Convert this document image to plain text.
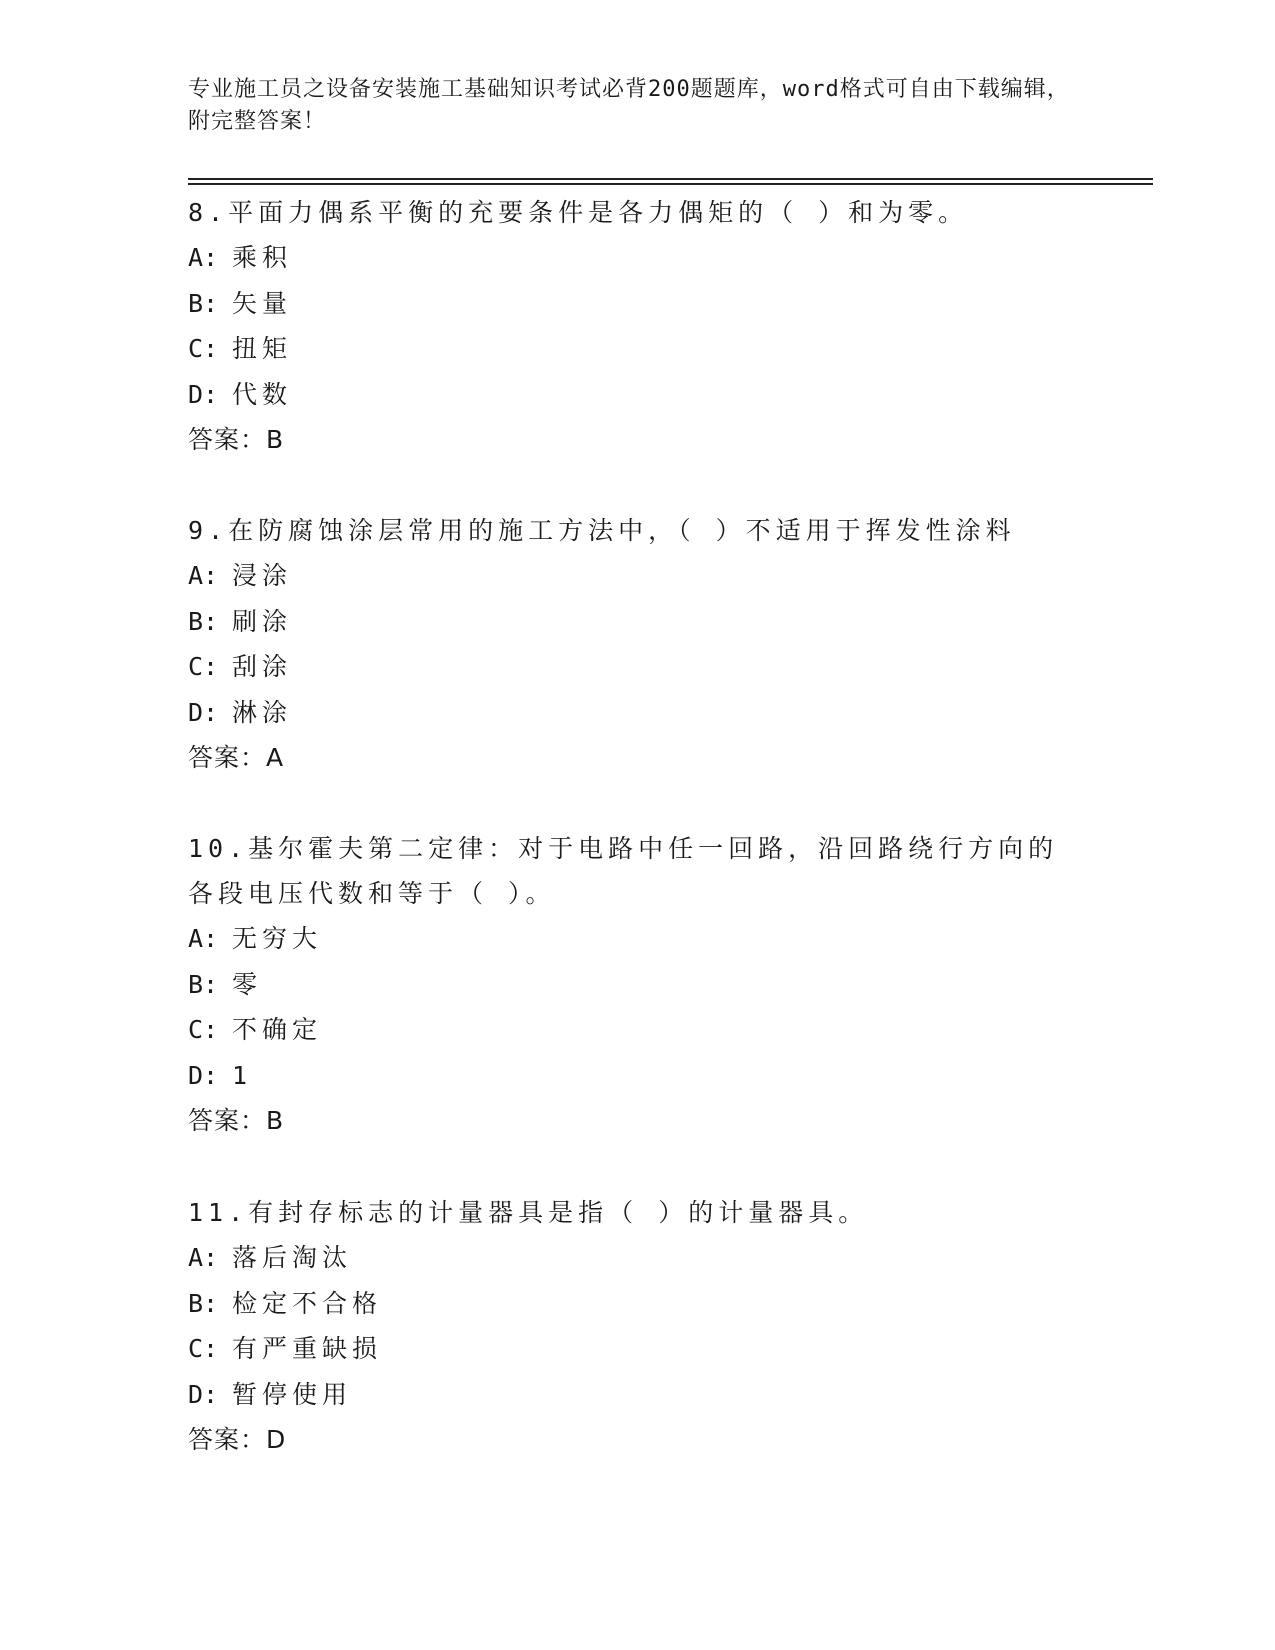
专业施工员之设备安装施工基础知识考试必背200题题库，word格式可自由下载编辑，附完整答案！

8.平面力偶系平衡的充要条件是各力偶矩的（ ）和为零。

A: 乘积

B: 矢量

C: 扭矩

D: 代数

答案：B

9.在防腐蚀涂层常用的施工方法中，（ ）不适用于挥发性涂料

A: 浸涂

B: 刷涂

C: 刮涂

D: 淋涂

答案：A

10.基尔霍夫第二定律：对于电路中任一回路，沿回路绕行方向的各段电压代数和等于（ ）。

A: 无穷大

B: 零

C: 不确定

D: 1

答案：B

11.有封存标志的计量器具是指（ ）的计量器具。

A: 落后淘汰

B: 检定不合格

C: 有严重缺损

D: 暂停使用

答案：D
